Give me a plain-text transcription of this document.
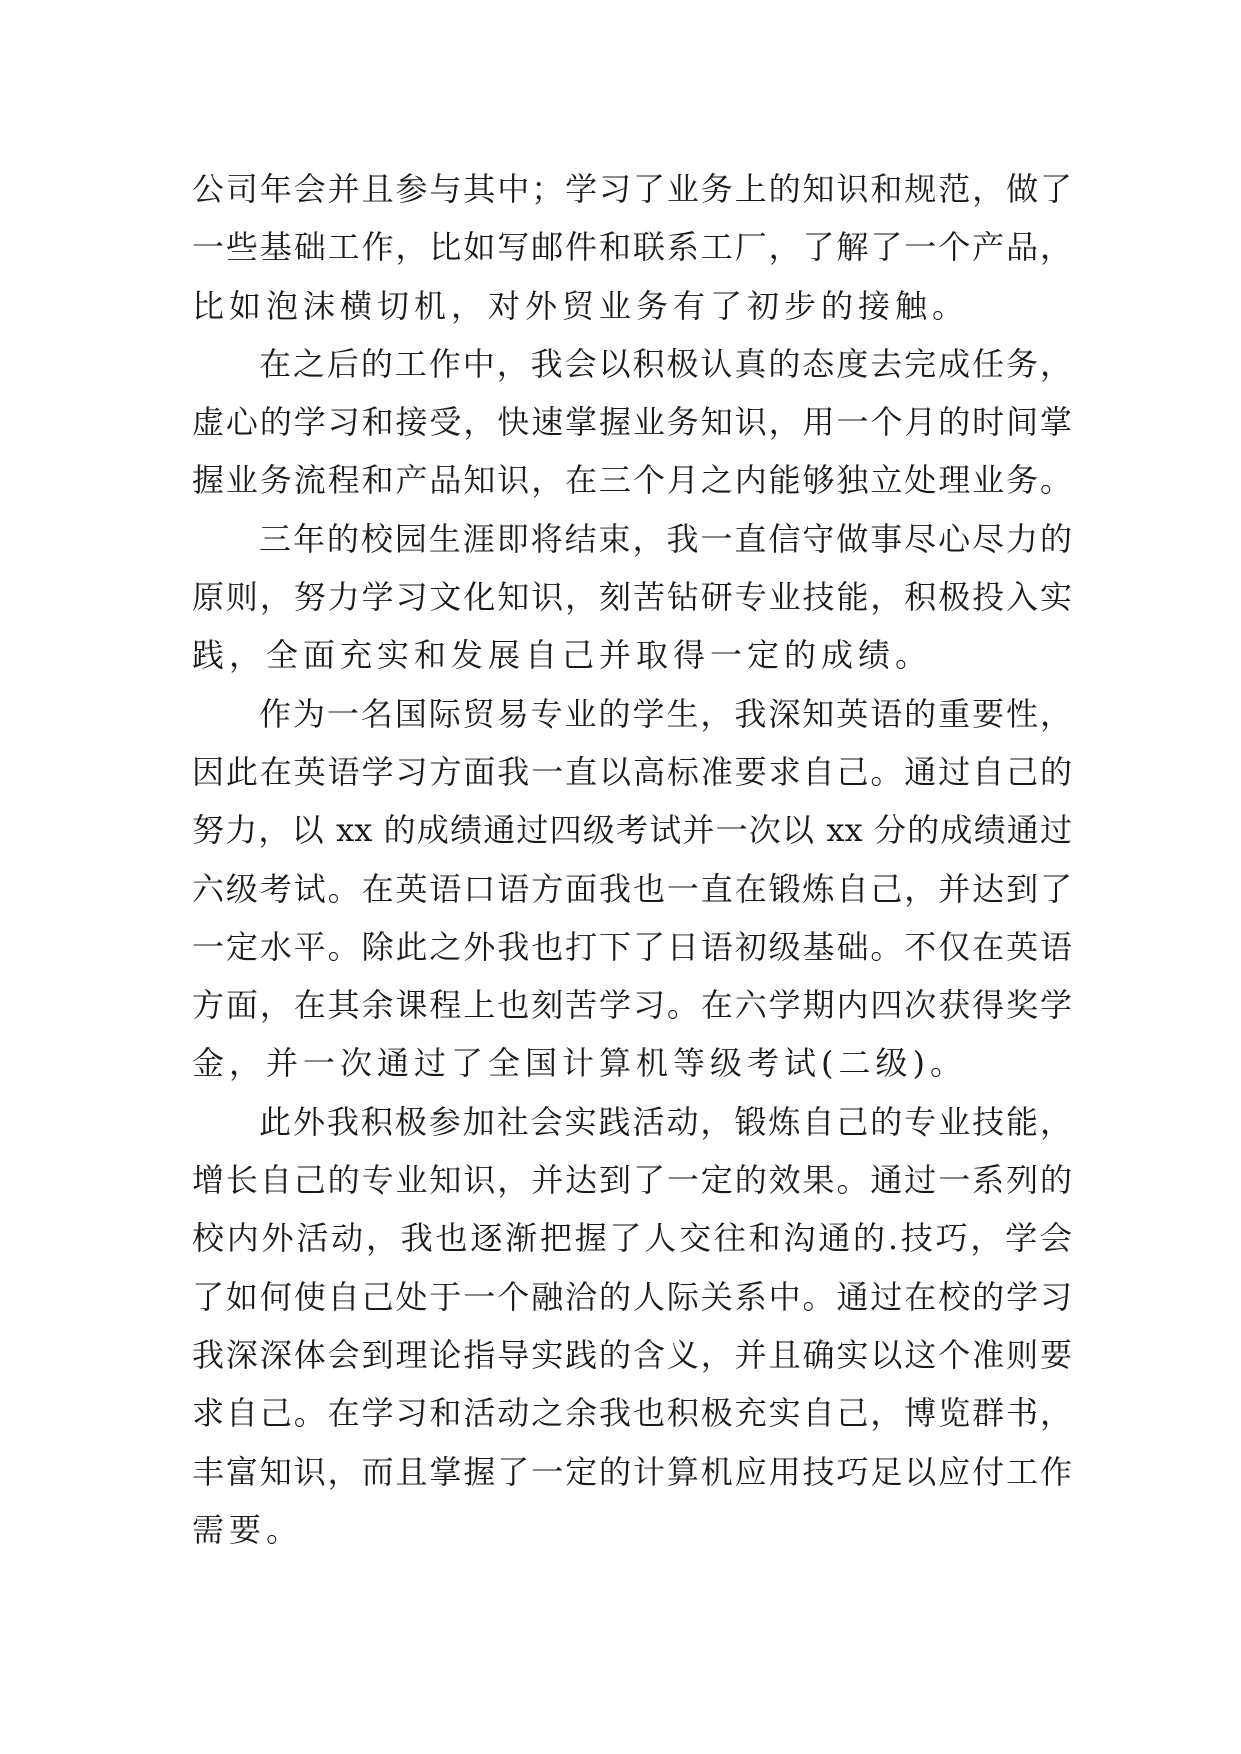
公司年会并且参与其中；学习了业务上的知识和规范，做了
一些基础工作，比如写邮件和联系工厂，了解了一个产品，
比如泡沫横切机，对外贸业务有了初步的接触。
在之后的工作中，我会以积极认真的态度去完成任务，
虚心的学习和接受，快速掌握业务知识，用一个月的时间掌
握业务流程和产品知识，在三个月之内能够独立处理业务。
三年的校园生涯即将结束，我一直信守做事尽心尽力的
原则，努力学习文化知识，刻苦钻研专业技能，积极投入实
践，全面充实和发展自己并取得一定的成绩。
作为一名国际贸易专业的学生，我深知英语的重要性，
因此在英语学习方面我一直以高标准要求自己。通过自己的
努力，以 xx 的成绩通过四级考试并一次以 xx 分的成绩通过
六级考试。在英语口语方面我也一直在锻炼自己，并达到了
一定水平。除此之外我也打下了日语初级基础。不仅在英语
方面，在其余课程上也刻苦学习。在六学期内四次获得奖学
金，并一次通过了全国计算机等级考试(二级)。
此外我积极参加社会实践活动，锻炼自己的专业技能，
增长自己的专业知识，并达到了一定的效果。通过一系列的
校内外活动，我也逐渐把握了人交往和沟通的.技巧，学会
了如何使自己处于一个融洽的人际关系中。通过在校的学习
我深深体会到理论指导实践的含义，并且确实以这个准则要
求自己。在学习和活动之余我也积极充实自己，博览群书，
丰富知识，而且掌握了一定的计算机应用技巧足以应付工作
需要。
